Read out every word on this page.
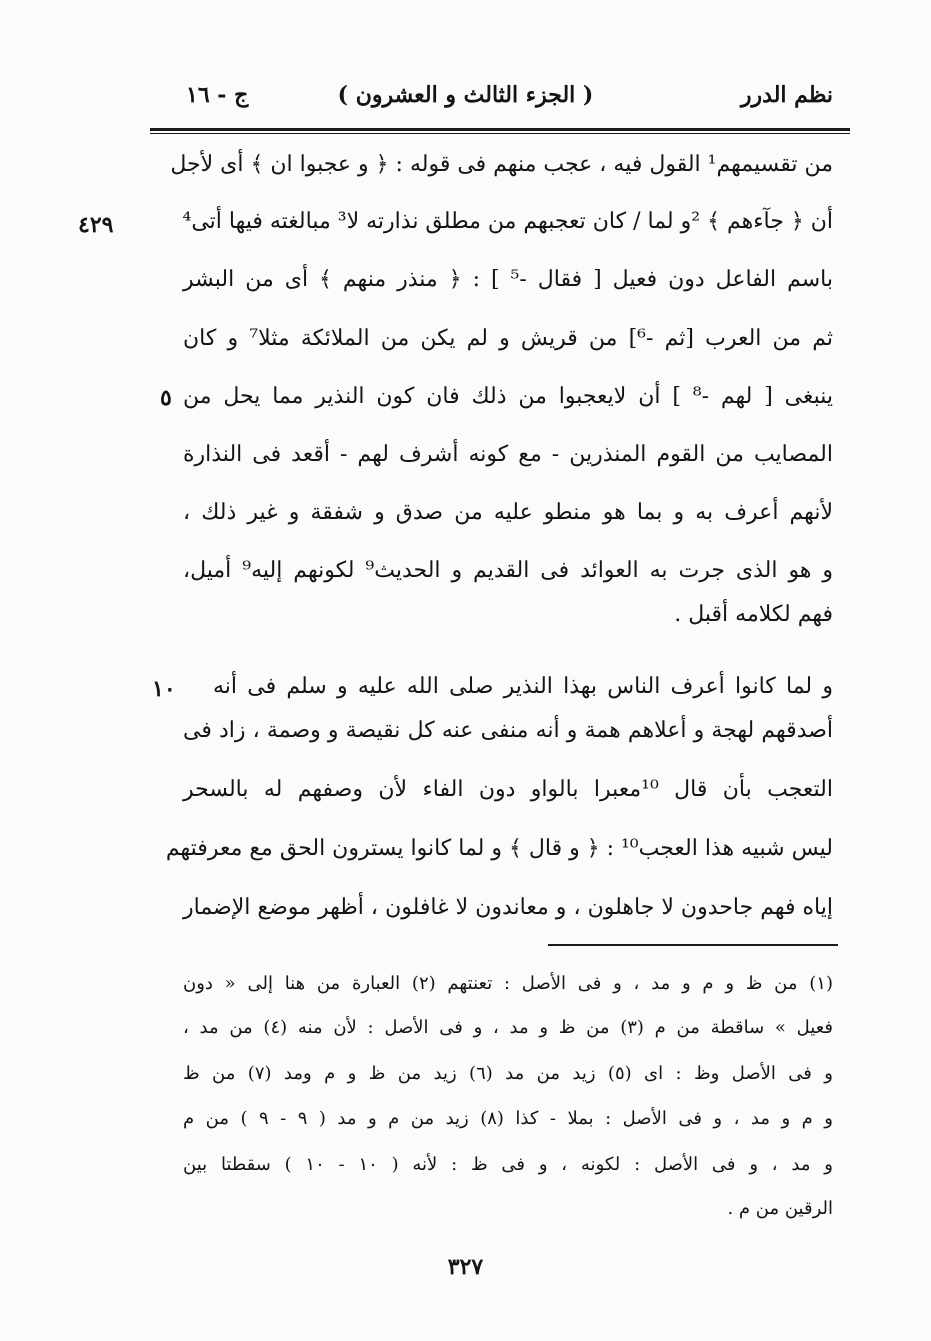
نظم الدرر
( الجزء الثالث و العشرون )
ج - ١٦
٤٢٩
٥
١٠
من تقسيمهم¹ القول فيه ، عجب منهم فى قوله : ﴿ و عجبوا ان ﴾ أى لأجل
أن ﴿ جآءهم ﴾ ²و لما / كان تعجبهم من مطلق نذارته لا³ مبالغته فيها أتى⁴
باسم الفاعل دون فعيل [ فقال -⁵ ] : ﴿ منذر منهم ﴾ أى من البشر
ثم من العرب [ثم -⁶] من قريش و لم يكن من الملائكة مثلا⁷ و كان
ينبغى [ لهم -⁸ ] أن لايعجبوا من ذلك فان كون النذير مما يحل من
المصايب من القوم المنذرين - مع كونه أشرف لهم - أقعد فى النذارة
لأنهم أعرف به و بما هو منطو عليه من صدق و شفقة و غير ذلك ،
و هو الذى جرت به العوائد فى القديم و الحديث⁹ لكونهم إليه⁹ أميل،
فهم لكلامه أقبل .
و لما كانوا أعرف الناس بهذا النذير صلى الله عليه و سلم فى أنه
أصدقهم لهجة و أعلاهم همة و أنه منفى عنه كل نقيصة و وصمة ، زاد فى
التعجب بأن قال ¹⁰معبرا بالواو دون الفاء لأن وصفهم له بالسحر
ليس شبيه هذا العجب¹⁰ : ﴿ و قال ﴾ و لما كانوا يسترون الحق مع معرفتهم
إياه فهم جاحدون لا جاهلون ، و معاندون لا غافلون ، أظهر موضع الإضمار
(١) من ظ و م و مد ، و فى الأصل : تعنتهم (٢) العبارة من هنا إلى « دون
فعيل » ساقطة من م (٣) من ظ و مد ، و فى الأصل : لأن منه (٤) من مد ،
و فى الأصل وظ : اى (٥) زيد من مد (٦) زيد من ظ و م ومد (٧) من ظ
و م و مد ، و فى الأصل : بملا - كذا (٨) زيد من م و مد ( ٩ - ٩ ) من م
و مد ، و فى الأصل : لكونه ، و فى ظ : لأنه ( ١٠ - ١٠ ) سقطتا بين
الرقين من م .
٣٢٧
